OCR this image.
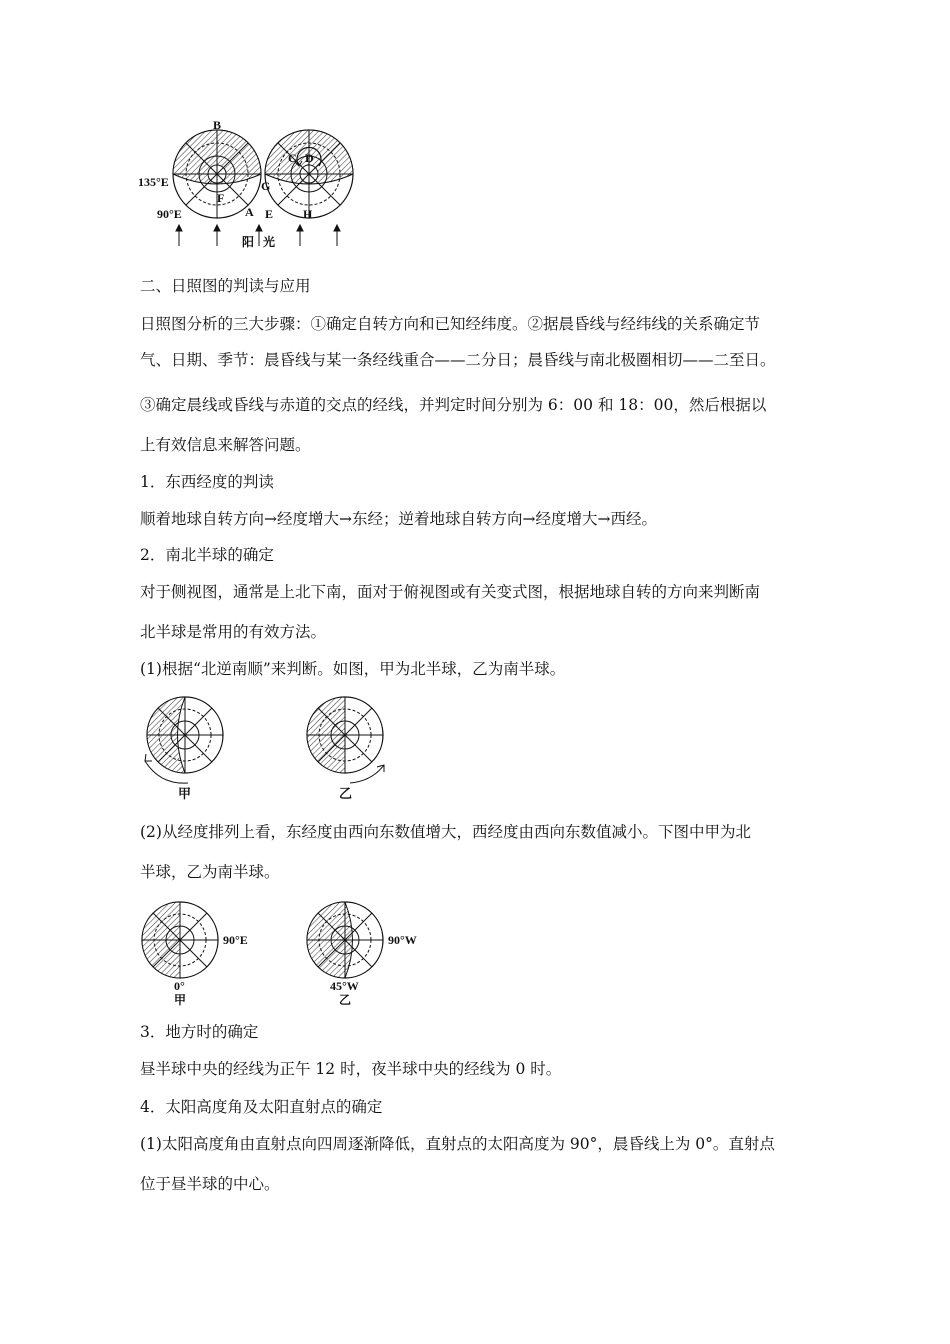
B
C D
G
F
A E H
135°E
90°E
阳 光
二、日照图的判读与应用
日照图分析的三大步骤：①确定自转方向和已知经纬度。②据晨昏线与经纬线的关系确定节
气、日期、季节：晨昏线与某一条经线重合——二分日；晨昏线与南北极圈相切——二至日。
③确定晨线或昏线与赤道的交点的经线，并判定时间分别为 6：00 和 18：00，然后根据以
上有效信息来解答问题。
1．东西经度的判读
顺着地球自转方向→经度增大→东经；逆着地球自转方向→经度增大→西经。
2．南北半球的确定
对于侧视图，通常是上北下南，面对于俯视图或有关变式图，根据地球自转的方向来判断南
北半球是常用的有效方法。
(1)根据“北逆南顺”来判断。如图，甲为北半球，乙为南半球。
甲	乙
(2)从经度排列上看，东经度由西向东数值增大，西经度由西向东数值减小。下图中甲为北
半球，乙为南半球。
90°E
0°
甲
90°W
45°W
乙
3．地方时的确定
昼半球中央的经线为正午 12 时，夜半球中央的经线为 0 时。
4．太阳高度角及太阳直射点的确定
(1)太阳高度角由直射点向四周逐渐降低，直射点的太阳高度为 90°，晨昏线上为 0°。直射点
位于昼半球的中心。
